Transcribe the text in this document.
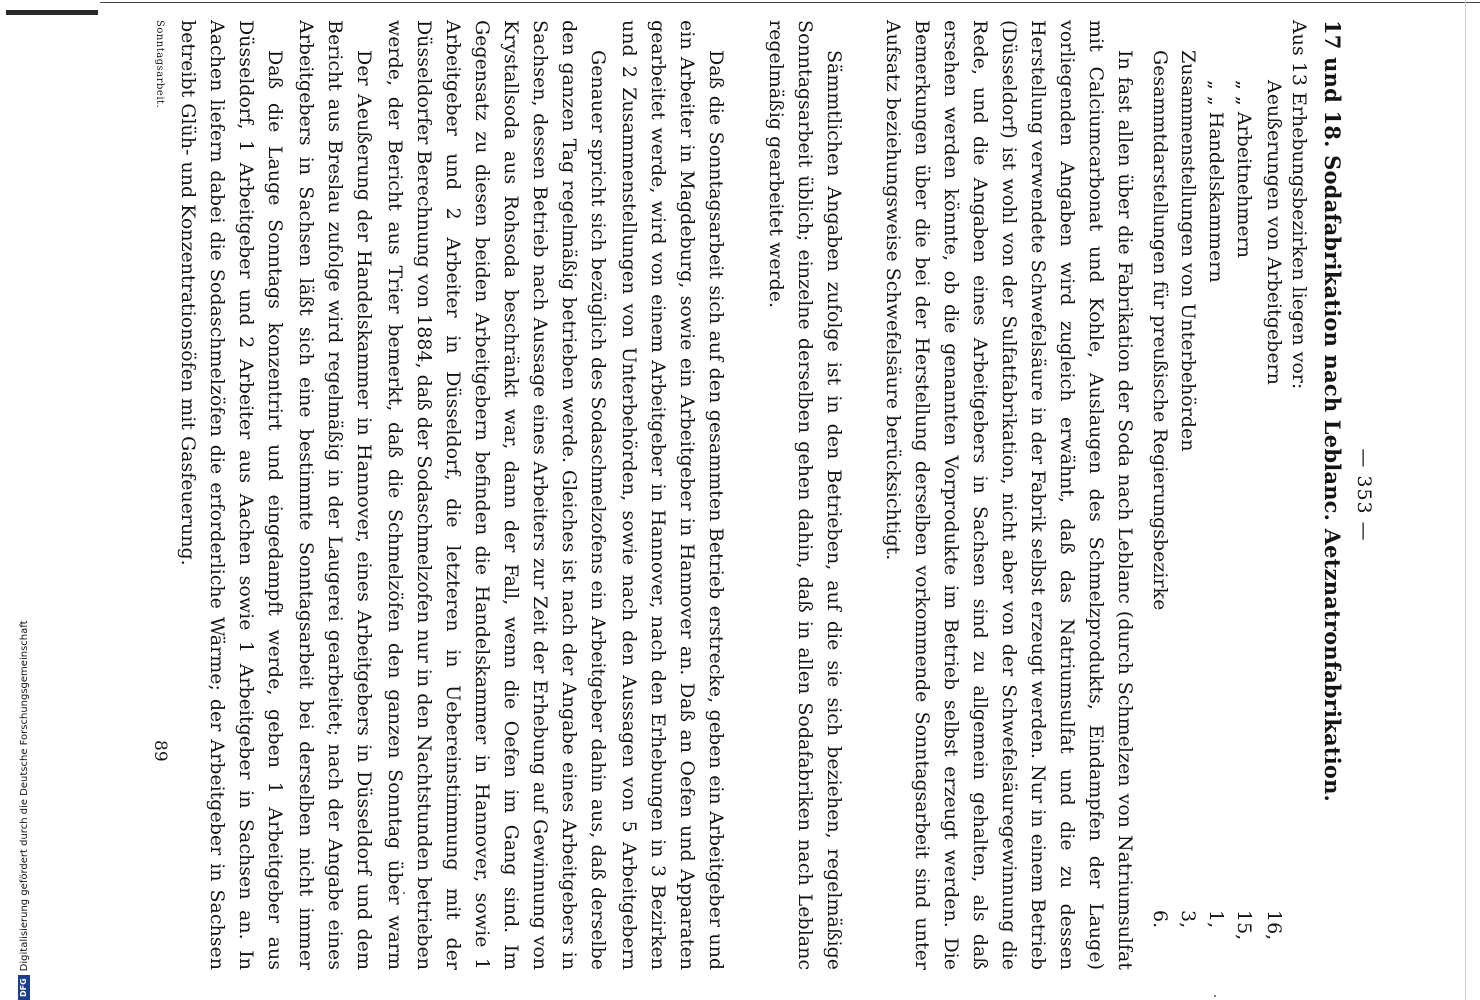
— 353 —
17 und 18. Sodafabrikation nach Leblanc. Aetznatronfabrikation.
Aus 13 Erhebungsbezirken liegen vor:
Aeußerungen von Arbeitgebern
16,
„ „ Arbeitnehmern
15,
„ „ Handelskammern
1,
Zusammenstellungen von Unterbehörden
3,
Gesammtdarstellungen für preußische Regierungsbezirke
6.
In fast allen über die Fabrikation der Soda nach Leblanc (durch Schmelzen von Natriumsulfat mit Calciumcarbonat und Kohle, Auslaugen des Schmelzprodukts, Eindampfen der Lauge) vorliegenden Angaben wird zugleich erwähnt, daß das Natriumsulfat und die zu dessen Herstellung verwendete Schwefelsäure in der Fabrik selbst erzeugt werden. Nur in einem Betrieb (Düsseldorf) ist wohl von der Sulfatfabrikation, nicht aber von der Schwefelsäuregewinnung die Rede, und die Angaben eines Arbeitgebers in Sachsen sind zu allgemein gehalten, als daß ersehen werden könnte, ob die genannten Vorprodukte im Betrieb selbst erzeugt werden. Die Bemerkungen über die bei der Herstellung derselben vorkommende Sonntagsarbeit sind unter Aufsatz beziehungsweise Schwefelsäure berücksichtigt.
Sämmtlichen Angaben zufolge ist in den Betrieben, auf die sie sich beziehen, regelmäßige Sonntagsarbeit üblich; einzelne derselben gehen dahin, daß in allen Sodafabriken nach Leblanc regelmäßig gearbeitet werde.
Daß die Sonntagsarbeit sich auf den gesammten Betrieb erstrecke, geben ein Arbeitgeber und ein Arbeiter in Magdeburg, sowie ein Arbeitgeber in Hannover an. Daß an Oefen und Apparaten gearbeitet werde, wird von einem Arbeitgeber in Hannover, nach den Erhebungen in 3 Bezirken und 2 Zusammenstellungen von Unterbehörden, sowie nach den Aussagen von 5 Arbeitgebern
Genauer spricht sich bezüglich des Sodaschmelzofens ein Arbeitgeber dahin aus, daß derselbe den ganzen Tag regelmäßig betrieben werde. Gleiches ist nach der Angabe eines Arbeitgebers in Sachsen, dessen Betrieb nach Aussage eines Arbeiters zur Zeit der Erhebung auf Gewinnung von Krystallsoda aus Rohsoda beschränkt war, dann der Fall, wenn die Oefen im Gang sind. Im Gegensatz zu diesen beiden Arbeitgebern befinden die Handelskammer in Hannover, sowie 1 Arbeitgeber und 2 Arbeiter in Düsseldorf, die letzteren in Uebereinstimmung mit der Düsseldorfer Berechnung von 1884, daß der Sodaschmelzofen nur in den Nachtstunden betrieben werde, der Bericht aus Trier bemerkt, daß die Schmelzöfen den ganzen Sonntag über warm
Der Aeußerung der Handelskammer in Hannover, eines Arbeitgebers in Düsseldorf und dem Bericht aus Breslau zufolge wird regelmäßig in der Laugerei gearbeitet; nach der Angabe eines Arbeitgebers in Sachsen läßt sich eine bestimmte Sonntagsarbeit bei derselben nicht immer
Daß die Lauge Sonntags konzentrirt und eingedampft werde, geben 1 Arbeitgeber aus Düsseldorf, 1 Arbeitgeber und 2 Arbeiter aus Aachen sowie 1 Arbeitgeber in Sachsen an. In Aachen liefern dabei die Sodaschmelzöfen die erforderliche Wärme; der Arbeitgeber in Sachsen betreibt Glüh- und Konzentrationsöfen mit Gasfeuerung.
Sonntagsarbeit.
89
DFG
Digitalisierung gefördert durch die Deutsche Forschungsgemeinschaft
